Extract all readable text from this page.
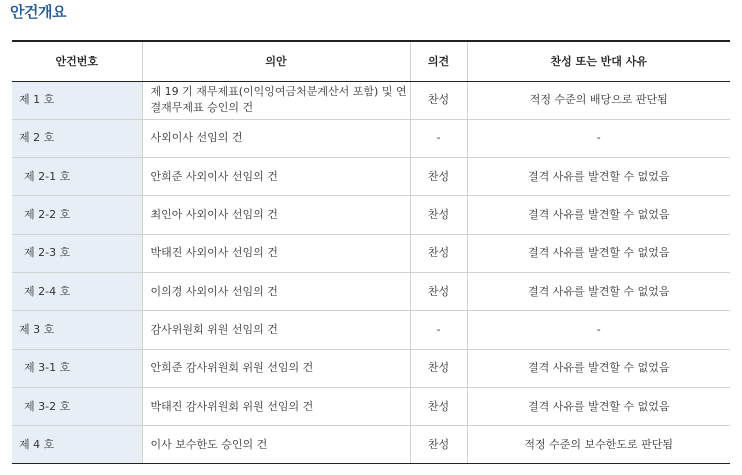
안건개요
안건번호	의안	의견	찬성 또는 반대 사유
제 1 호	제 19 기 재무제표(이익잉여금처분계산서 포함) 및 연결재무제표 승인의 건	찬성	적정 수준의 배당으로 판단됨
제 2 호	사외이사 선임의 건	-	-
제 2-1 호	안희준 사외이사 선임의 건	찬성	결격 사유를 발견할 수 없었음
제 2-2 호	최인아 사외이사 선임의 건	찬성	결격 사유를 발견할 수 없었음
제 2-3 호	박태진 사외이사 선임의 건	찬성	결격 사유를 발견할 수 없었음
제 2-4 호	이의경 사외이사 선임의 건	찬성	결격 사유를 발견할 수 없었음
제 3 호	감사위원회 위원 선임의 건	-	-
제 3-1 호	안희준 감사위원회 위원 선임의 건	찬성	결격 사유를 발견할 수 없었음
제 3-2 호	박태진 감사위원회 위원 선임의 건	찬성	결격 사유를 발견할 수 없었음
제 4 호	이사 보수한도 승인의 건	찬성	적정 수준의 보수한도로 판단됨
